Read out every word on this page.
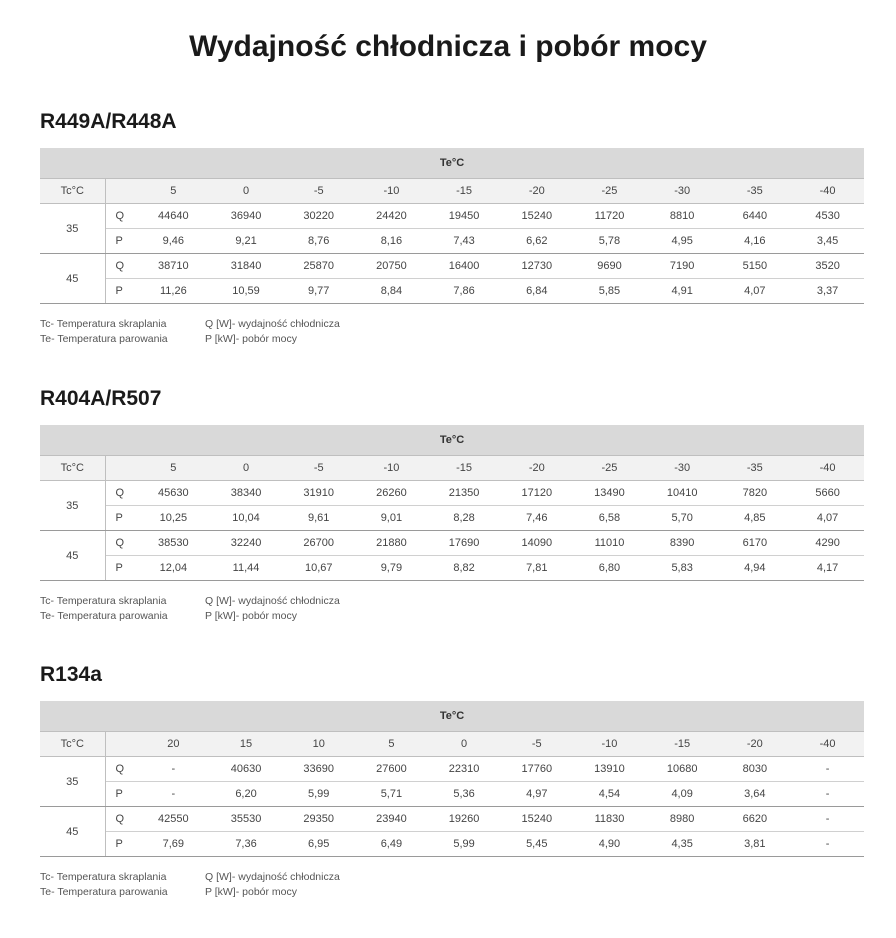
Wydajność chłodnicza i pobór mocy
R449A/R448A
Te°C											
Tc°C		5	0	-5	-10	-15	-20	-25	-30	-35	-40
35	Q	44640	36940	30220	24420	19450	15240	11720	8810	6440	4530
	P	9,46	9,21	8,76	8,16	7,43	6,62	5,78	4,95	4,16	3,45
45	Q	38710	31840	25870	20750	16400	12730	9690	7190	5150	3520
	P	11,26	10,59	9,77	8,84	7,86	6,84	5,85	4,91	4,07	3,37
Tc- Temperatura skraplania
Te- Temperatura parowania
Q [W]- wydajność chłodnicza
P [kW]- pobór mocy
R404A/R507
Te°C											
Tc°C		5	0	-5	-10	-15	-20	-25	-30	-35	-40
35	Q	45630	38340	31910	26260	21350	17120	13490	10410	7820	5660
	P	10,25	10,04	9,61	9,01	8,28	7,46	6,58	5,70	4,85	4,07
45	Q	38530	32240	26700	21880	17690	14090	11010	8390	6170	4290
	P	12,04	11,44	10,67	9,79	8,82	7,81	6,80	5,83	4,94	4,17
Tc- Temperatura skraplania
Te- Temperatura parowania
Q [W]- wydajność chłodnicza
P [kW]- pobór mocy
R134a
Te°C											
Tc°C		20	15	10	5	0	-5	-10	-15	-20	-40
35	Q	-	40630	33690	27600	22310	17760	13910	10680	8030	-
	P	-	6,20	5,99	5,71	5,36	4,97	4,54	4,09	3,64	-
45	Q	42550	35530	29350	23940	19260	15240	11830	8980	6620	-
	P	7,69	7,36	6,95	6,49	5,99	5,45	4,90	4,35	3,81	-
Tc- Temperatura skraplania
Te- Temperatura parowania
Q [W]- wydajność chłodnicza
P [kW]- pobór mocy
